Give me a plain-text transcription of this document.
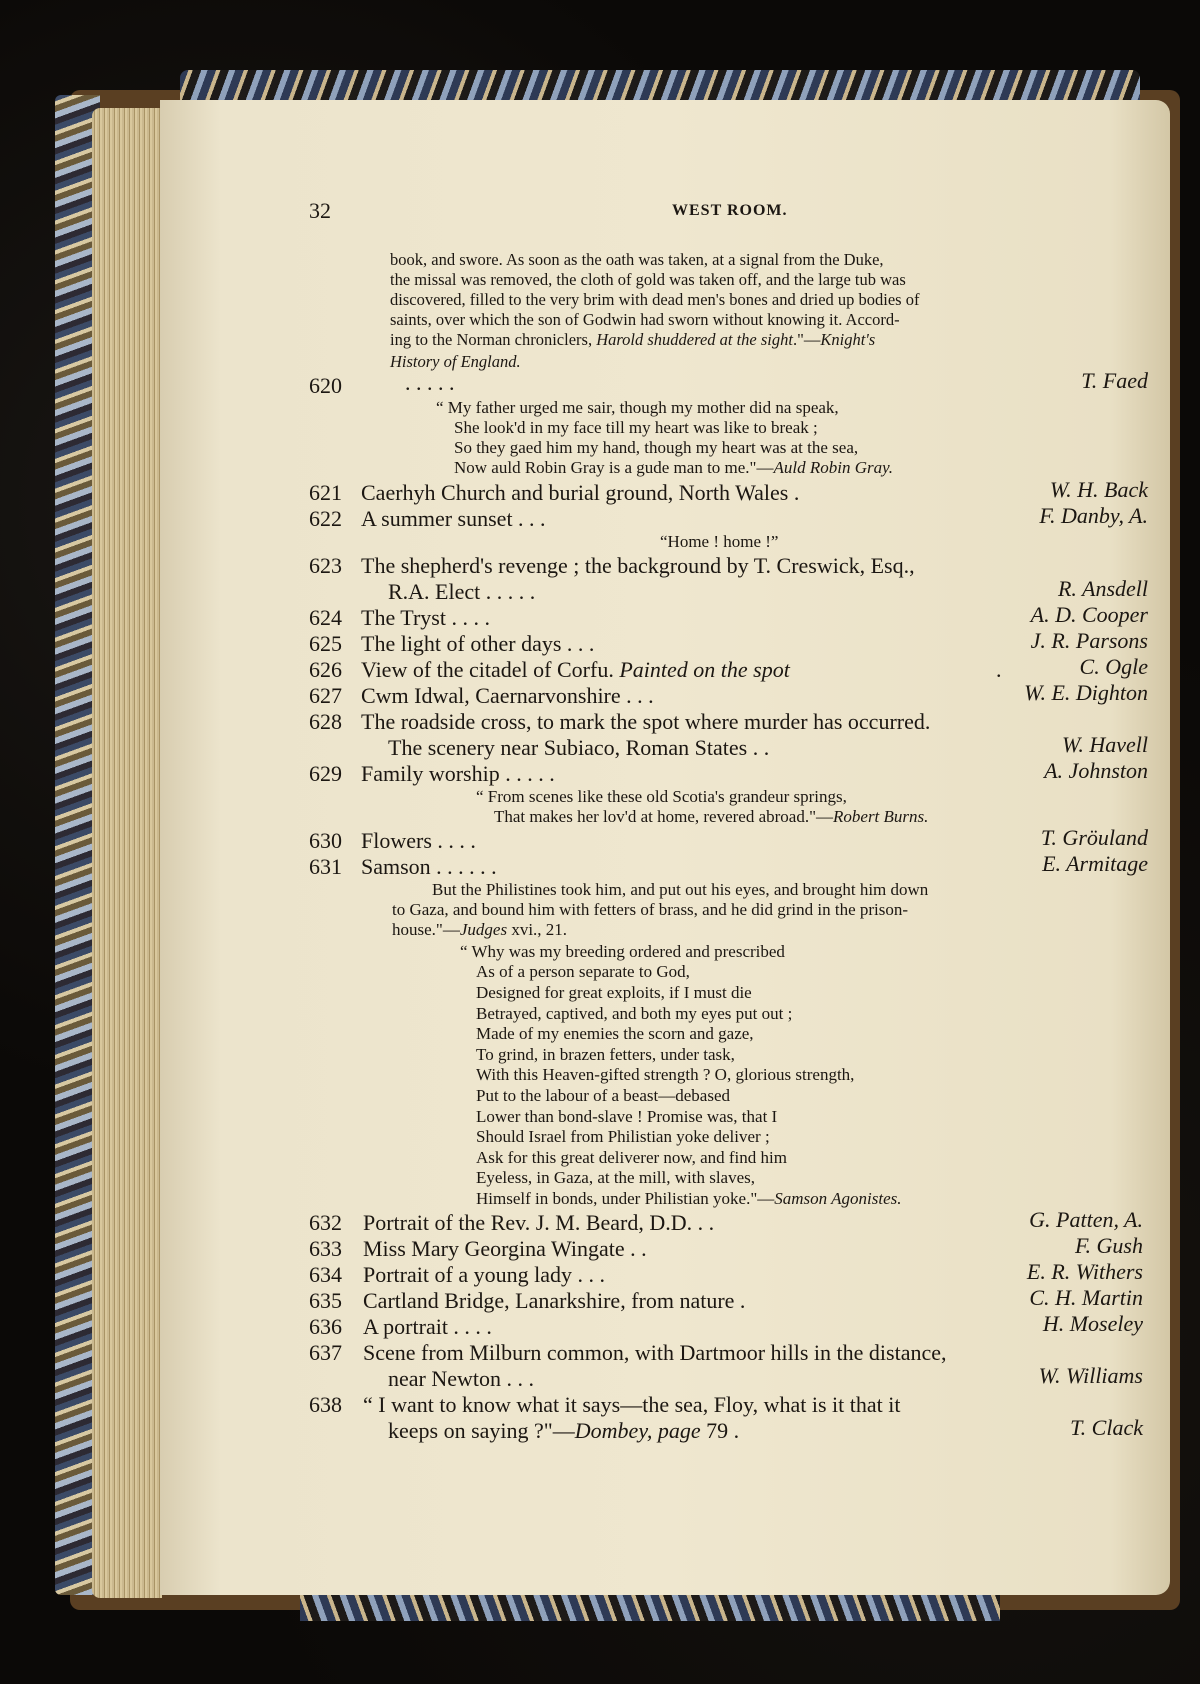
32	WEST ROOM.
book, and swore. As soon as the oath was taken, at a signal from the Duke,
the missal was removed, the cloth of gold was taken off, and the large tub was
discovered, filled to the very brim with dead men's bones and dried up bodies of
saints, over which the son of Godwin had sworn without knowing it. Accord-
ing to the Norman chroniclers, Harold shuddered at the sight."—Knight's
History of England.
620	. . . . .	T. Faed
“ My father urged me sair, though my mother did na speak,
She look'd in my face till my heart was like to break ;
So they gaed him my hand, though my heart was at the sea,
Now auld Robin Gray is a gude man to me."—Auld Robin Gray.
621 Caerhyh Church and burial ground, North Wales .	W. H. Back
622 A summer sunset . . .	F. Danby, A.
“Home ! home !”
623 The shepherd's revenge ; the background by T. Creswick, Esq.,
R.A. Elect . . . . .	R. Ansdell
624 The Tryst . . . .	A. D. Cooper
625 The light of other days . . .	J. R. Parsons
626 View of the citadel of Corfu. Painted on the spot	.	C. Ogle
627 Cwm Idwal, Caernarvonshire . . .	W. E. Dighton
628 The roadside cross, to mark the spot where murder has occurred.
The scenery near Subiaco, Roman States . .	W. Havell
629 Family worship . . . . .	A. Johnston
“ From scenes like these old Scotia's grandeur springs,
That makes her lov'd at home, revered abroad."—Robert Burns.
630 Flowers . . . .	T. Gröuland
631 Samson . . . . . .	E. Armitage
But the Philistines took him, and put out his eyes, and brought him down
to Gaza, and bound him with fetters of brass, and he did grind in the prison-
house."—Judges xvi., 21.
“ Why was my breeding ordered and prescribed
As of a person separate to God,
Designed for great exploits, if I must die
Betrayed, captived, and both my eyes put out ;
Made of my enemies the scorn and gaze,
To grind, in brazen fetters, under task,
With this Heaven-gifted strength ? O, glorious strength,
Put to the labour of a beast—debased
Lower than bond-slave ! Promise was, that I
Should Israel from Philistian yoke deliver ;
Ask for this great deliverer now, and find him
Eyeless, in Gaza, at the mill, with slaves,
Himself in bonds, under Philistian yoke."—Samson Agonistes.
632 Portrait of the Rev. J. M. Beard, D.D. . .	G. Patten, A.
633 Miss Mary Georgina Wingate . .	F. Gush
634 Portrait of a young lady . . .	E. R. Withers
635 Cartland Bridge, Lanarkshire, from nature .	C. H. Martin
636 A portrait . . . .	H. Moseley
637 Scene from Milburn common, with Dartmoor hills in the distance,
near Newton . . .	W. Williams
638 “ I want to know what it says—the sea, Floy, what is it that it
keeps on saying ?"—Dombey, page 79 .	T. Clack
